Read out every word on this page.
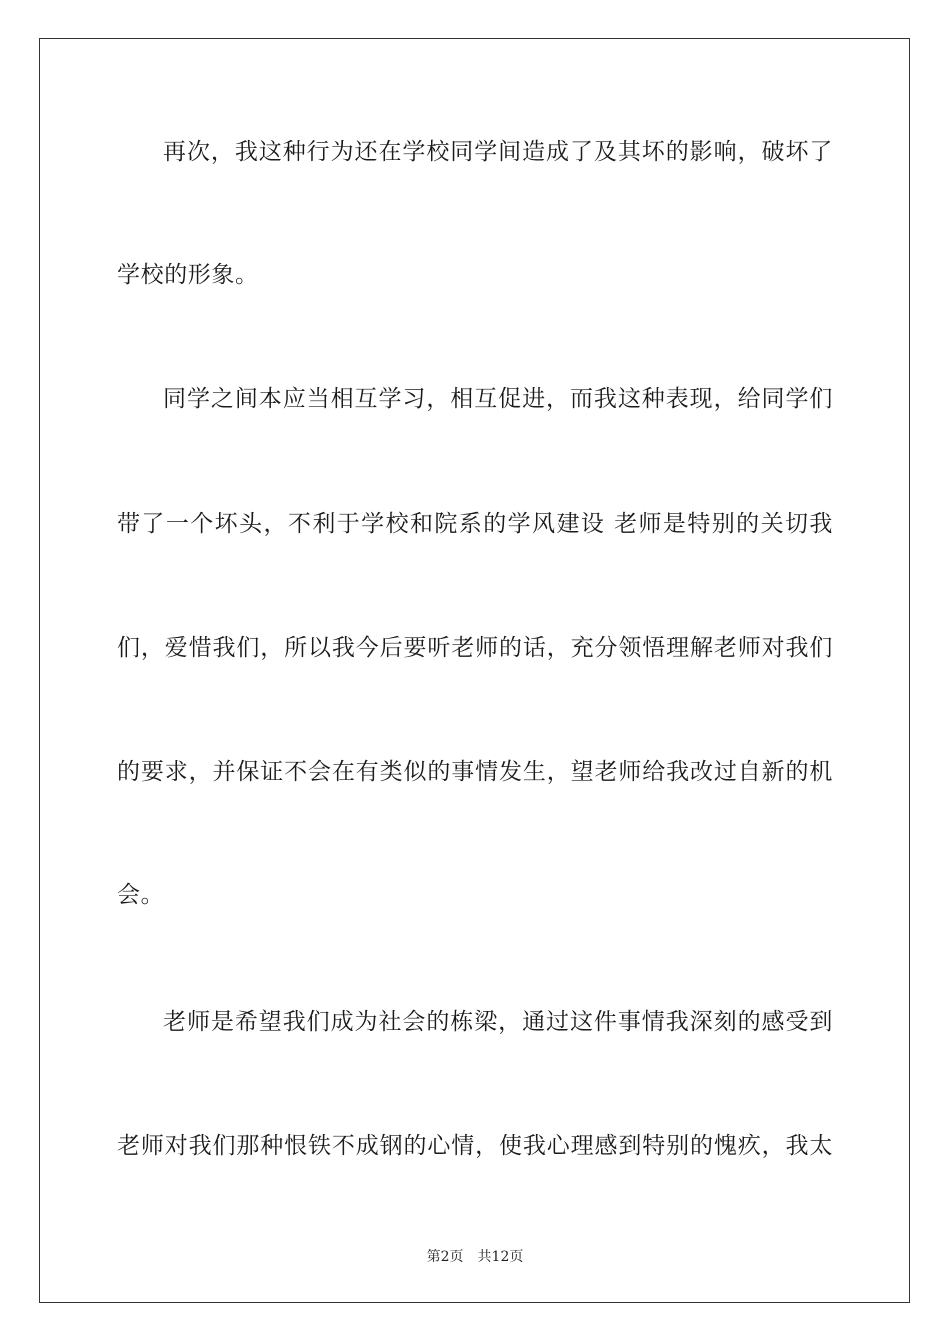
再次，我这种行为还在学校同学间造成了及其坏的影响，破坏了
学校的形象。
同学之间本应当相互学习，相互促进，而我这种表现，给同学们
带了一个坏头，不利于学校和院系的学风建设 老师是特别的关切我
们，爱惜我们，所以我今后要听老师的话，充分领悟理解老师对我们
的要求，并保证不会在有类似的事情发生，望老师给我改过自新的机
会。
老师是希望我们成为社会的栋梁，通过这件事情我深刻的感受到
老师对我们那种恨铁不成钢的心情，使我心理感到特别的愧疚，我太
第2页 共12页
